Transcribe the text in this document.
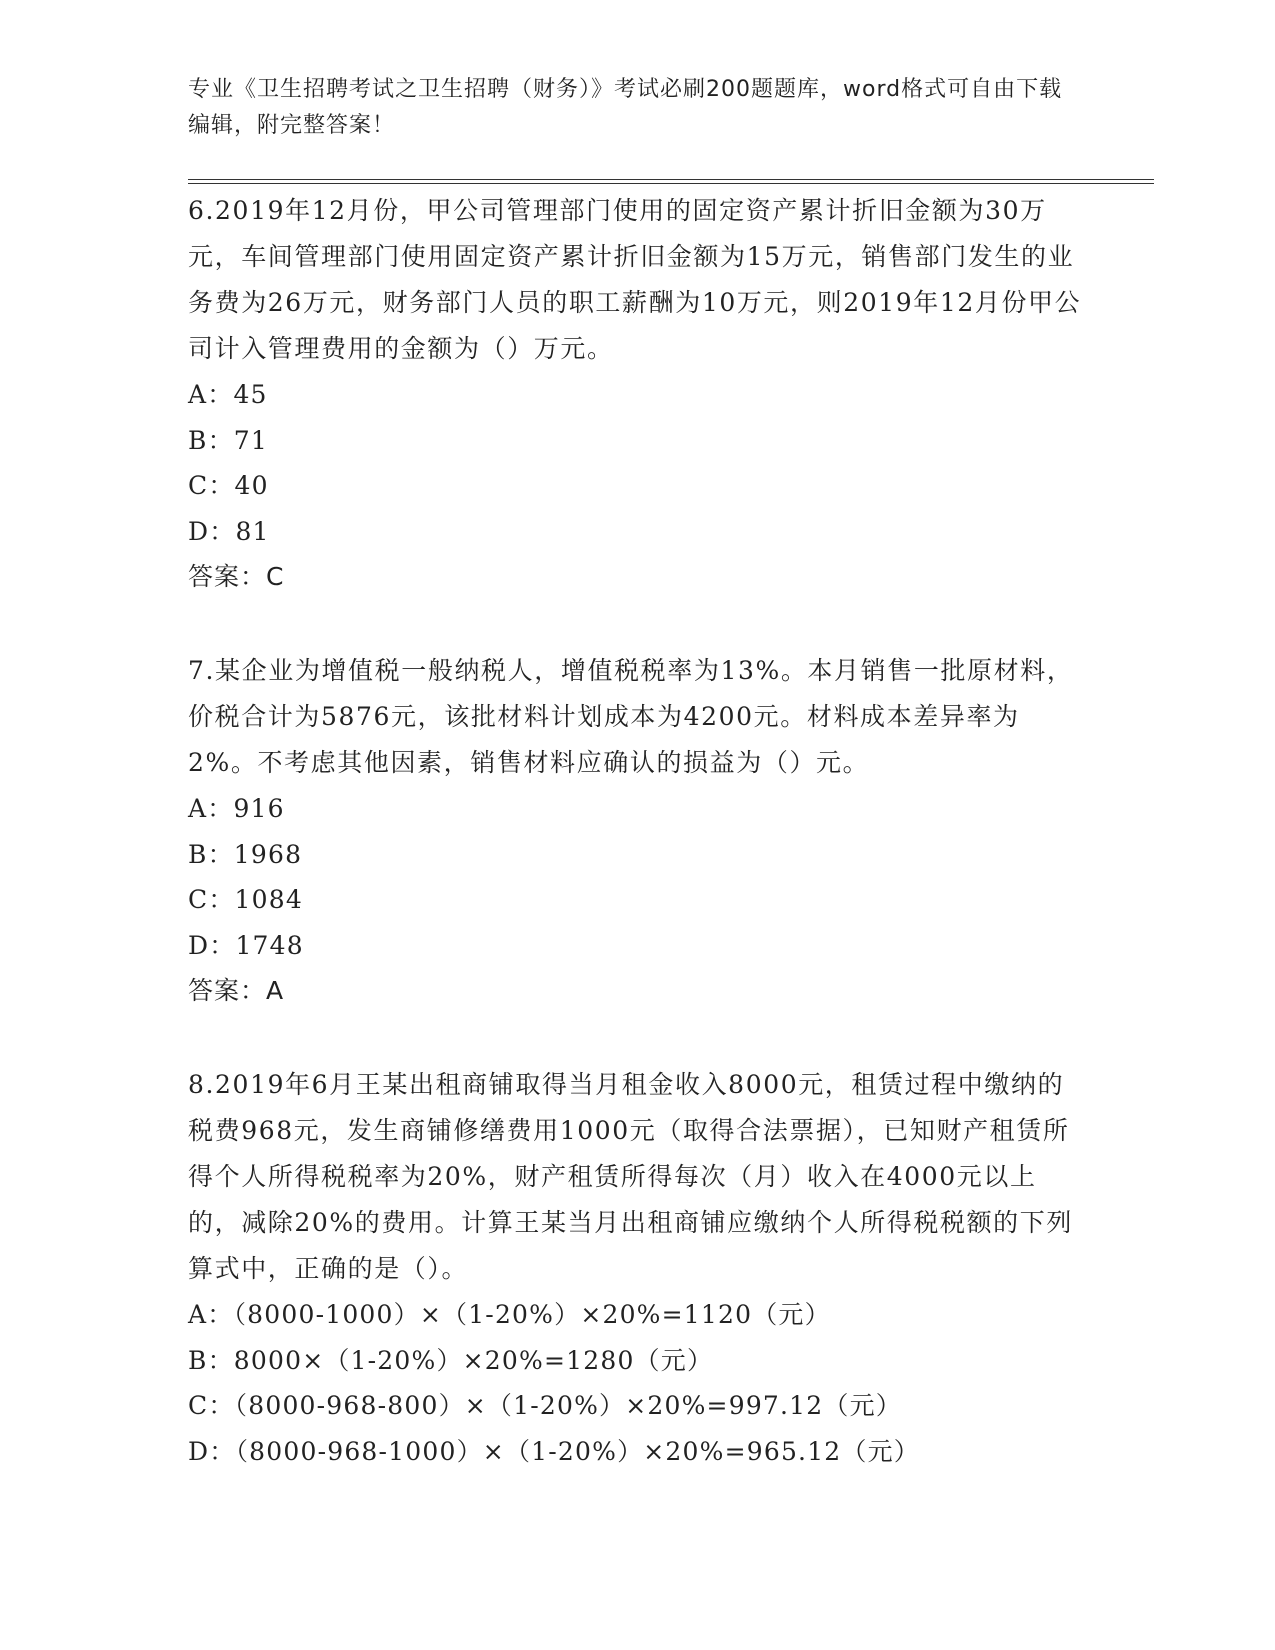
专业《卫生招聘考试之卫生招聘（财务）》考试必刷200题题库，word格式可自由下载编辑，附完整答案！

6.2019年12月份，甲公司管理部门使用的固定资产累计折旧金额为30万元，车间管理部门使用固定资产累计折旧金额为15万元，销售部门发生的业务费为26万元，财务部门人员的职工薪酬为10万元，则2019年12月份甲公司计入管理费用的金额为（）万元。

A：45

B：71

C：40

D：81

答案：C

7.某企业为增值税一般纳税人，增值税税率为13%。本月销售一批原材料，价税合计为5876元，该批材料计划成本为4200元。材料成本差异率为2%。不考虑其他因素，销售材料应确认的损益为（）元。

A：916

B：1968

C：1084

D：1748

答案：A

8.2019年6月王某出租商铺取得当月租金收入8000元，租赁过程中缴纳的税费968元，发生商铺修缮费用1000元（取得合法票据），已知财产租赁所得个人所得税税率为20%，财产租赁所得每次（月）收入在4000元以上的，减除20%的费用。计算王某当月出租商铺应缴纳个人所得税税额的下列算式中，正确的是（）。

A：（8000-1000）×（1-20%）×20%=1120（元）

B：8000×（1-20%）×20%=1280（元）

C：（8000-968-800）×（1-20%）×20%=997.12（元）

D：（8000-968-1000）×（1-20%）×20%=965.12（元）
